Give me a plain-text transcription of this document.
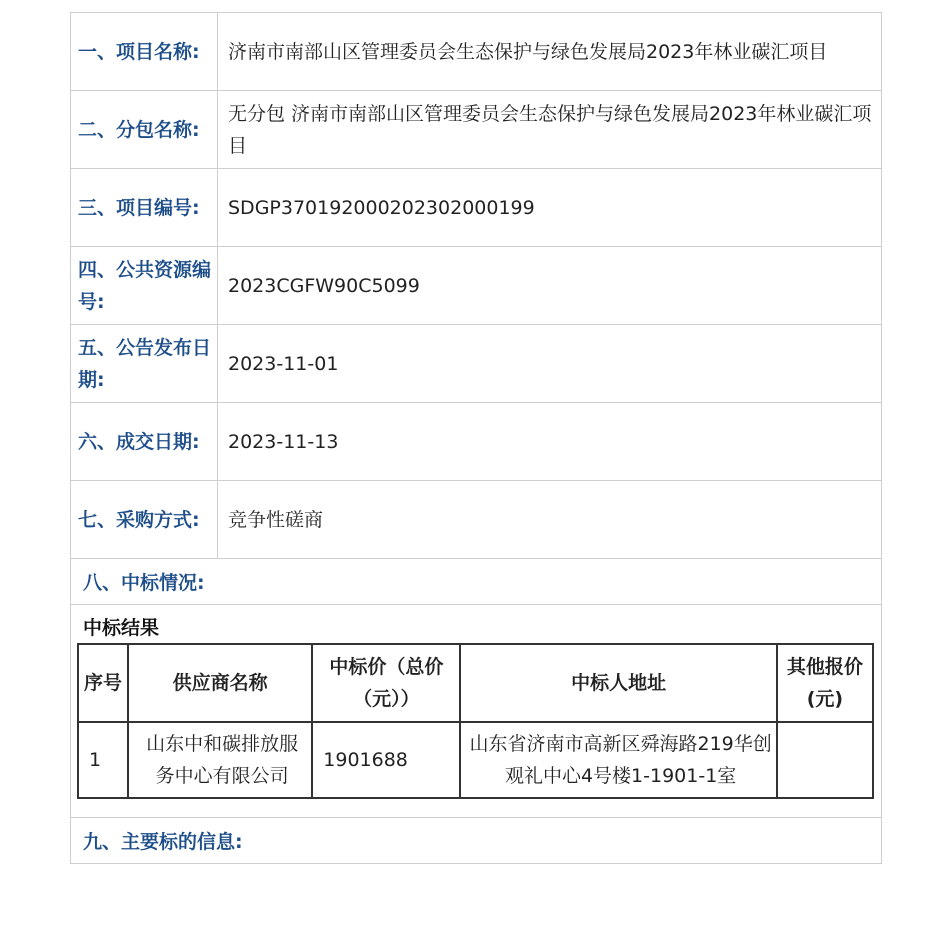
一、项目名称:	济南市南部山区管理委员会生态保护与绿色发展局2023年林业碳汇项目
二、分包名称:	无分包 济南市南部山区管理委员会生态保护与绿色发展局2023年林业碳汇项目
三、项目编号:	SDGP370192000202302000199
四、公共资源编号:	2023CGFW90C5099
五、公告发布日期:	2023-11-01
六、成交日期:	2023-11-13
七、采购方式:	竞争性磋商
八、中标情况:

中标结果
序号	供应商名称	中标价（总价（元））	中标人地址	其他报价(元)
1	山东中和碳排放服务中心有限公司	1901688	山东省济南市高新区舜海路219华创观礼中心4号楼1-1901-1室	

九、主要标的信息:
